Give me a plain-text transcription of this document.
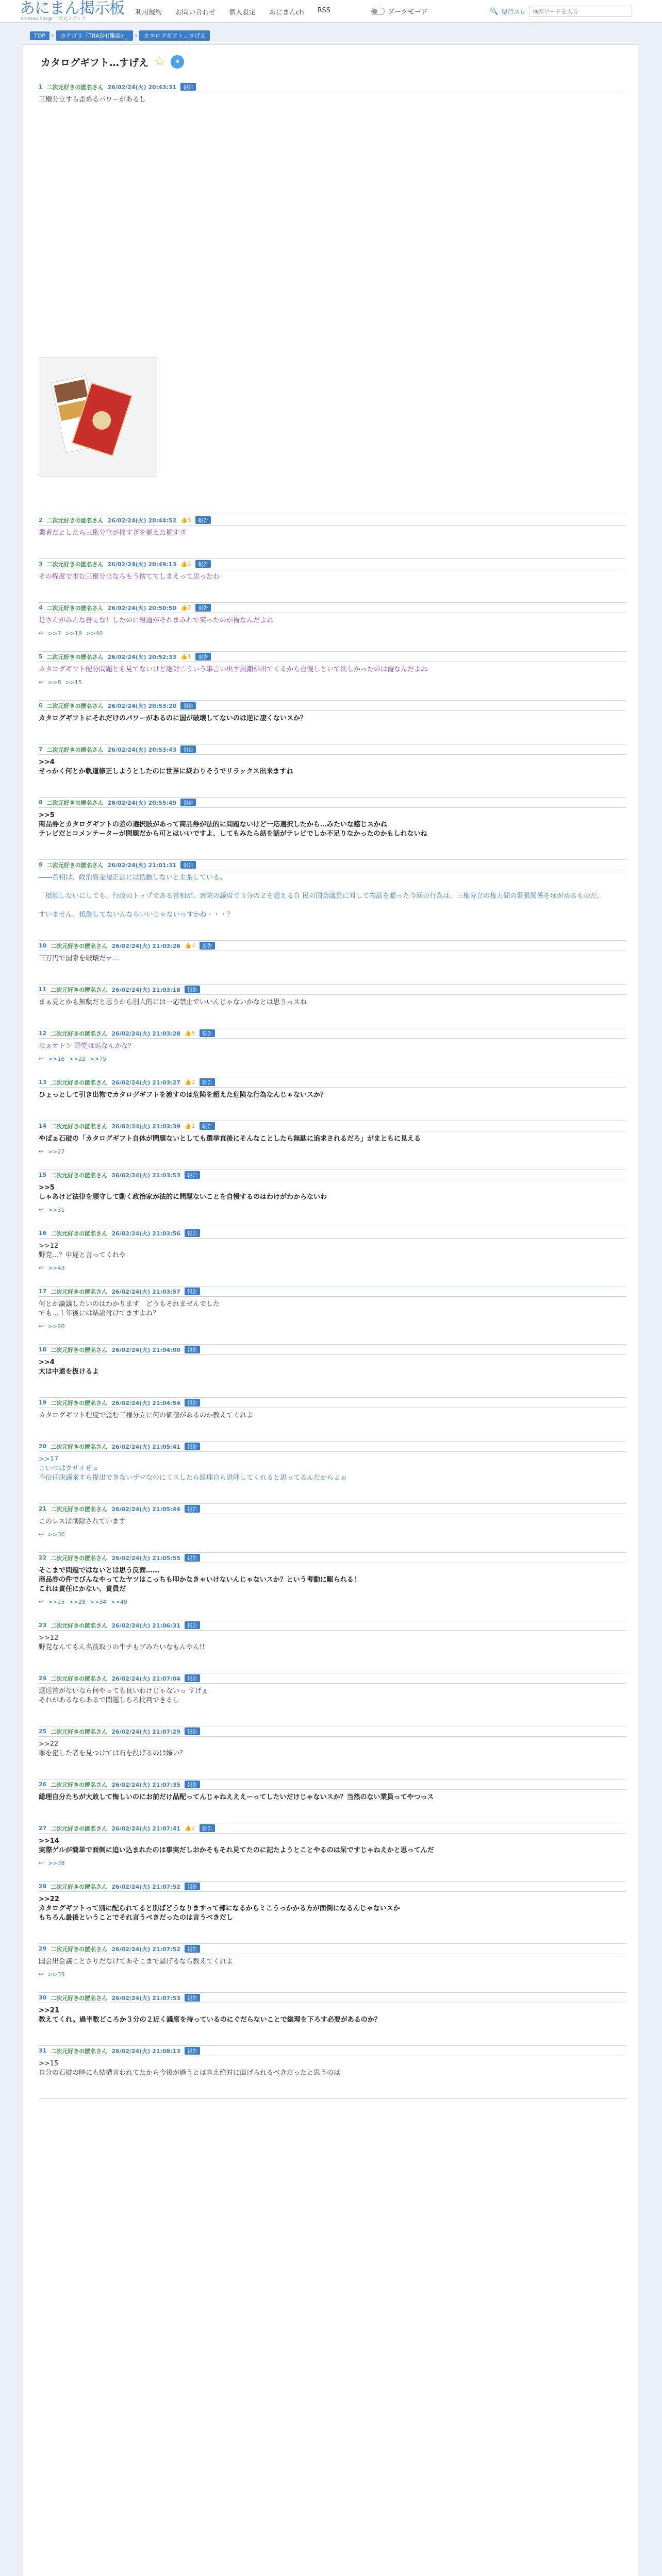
あにまん掲示板
animan bbs@ 二次元メディア
利用規約 お問い合わせ 個人設定 あにまんch RSS	ダークモード	🔍 現行スレ
検索ワードを入力
TOP	›	カテゴリ「TRASH(雑談)」	›	カタログギフト…すげえ
カタログギフト…すげえ ☆	✦
1 二次元好きの匿名さん 26/02/24(火) 20:43:31	報告
三権分立すら歪めるパワーがあるし
2 二次元好きの匿名さん 26/02/24(火) 20:44:52 👍5	報告
業者だとしたら三権分立が揺すぎを揃えた揃すぎ
3 二次元好きの匿名さん 26/02/24(火) 20:49:13 👍2	報告
その程度で歪む三権分立ならもう捨ててしまえって思ったわ
4 二次元好きの匿名さん 26/02/24(火) 20:50:50 👍2	報告
是さんがみんな善ぇな！したのに報道がそれまみれで笑ったのが俺なんだよね
↩ >>7 >>18 >>40
5 二次元好きの匿名さん 26/02/24(火) 20:52:33 👍1	報告
カタログギフト配分問題とも見てないけど絶対こういう事言い出す風潮が出てくるから自慢しといて欲しかったのは俺なんだよね
↩ >>8 >>15
6 二次元好きの匿名さん 26/02/24(火) 20:53:20	報告
カタログギフトにそれだけのパワーがあるのに国が破壊してないのは逆に凄くないスか？
7 二次元好きの匿名さん 26/02/24(火) 20:53:43	報告
>>4
せっかく何とか軌道修正しようとしたのに世界に終わりそうでリラックス出来ますね
8 二次元好きの匿名さん 26/02/24(火) 20:55:49	報告
>>5
商品券とカタログギフトの差の選択肢があって商品券が法的に問題ないけど一応選択したから…みたいな感じスかね
テレビだとコメンテーターが問題だから可とはいいですよ、してもみたら話を話がテレビでしか不足りなかったのかもしれないね
9 二次元好きの匿名さん 26/02/24(火) 21:01:31	報告
――首相は、政治資金規正法には抵触しないと主張している。

「抵触しないにしても、行政のトップである首相が、衆院の議席で３分の２を超える自 民の国会議員に対して物品を贈った今回の行為は、三権分立の権力間の緊張関係をゆがめるものだ。

すいません、抵触してないんならいいじゃないっすかね・・・？
10 二次元好きの匿名さん 26/02/24(火) 21:03:26 👍4	報告
三万円で国家を破壊だァ…
11 二次元好きの匿名さん 26/02/24(火) 21:03:18	報告
まぁ見とかも無駄だと思うから別人的には一応禁止でいいんじゃないかなとは思うっスね
12 二次元好きの匿名さん 26/02/24(火) 21:03:28 👍5	報告
なぁオトン 野党は馬なんかな？
↩ >>16 >>22 >>75
13 二次元好きの匿名さん 26/02/24(火) 21:03:27 👍2	報告
ひょっとして引き出物でカタログギフトを渡すのは危険を超えた危険な行為なんじゃないスか？
14 二次元好きの匿名さん 26/02/24(火) 21:03:39 👍1	報告
やばぁ石破の「カタログギフト自体が問題ないとしても選挙直後にそんなことしたら無駄に追求されるだろ」がまともに見える
↩ >>27
15 二次元好きの匿名さん 26/02/24(火) 21:03:53	報告
>>5
しゃあけど法律を順守して動く政治家が法的に問題ないことを自慢するのはわけがわからないわ
↩ >>31
16 二次元好きの匿名さん 26/02/24(火) 21:03:56	報告
>>12
野党…？申遅と言ってくれや
↩ >>43
17 二次元好きの匿名さん 26/02/24(火) 21:03:57	報告
何とか論議したいのはわかります　どうもそれまゼんでした
でも…１年後には結論付けてますよね？
↩ >>20
18 二次元好きの匿名さん 26/02/24(火) 21:04:00	報告
>>4
大は中道を扱けるよ
19 二次元好きの匿名さん 26/02/24(火) 21:04:54	報告
カタログギフト程度で歪む三権分立に何の価値があるのか教えてくれよ
20 二次元好きの匿名さん 26/02/24(火) 21:05:41	報告
>>17
こいつはクサイぜェ
不信任決議案すら提出できないザマなのにミスしたら総理自ら退陣してくれると思ってるんだからよぉ
21 二次元好きの匿名さん 26/02/24(火) 21:05:44	報告
このレスは削除されています
↩ >>30
22 二次元好きの匿名さん 26/02/24(火) 21:05:55	報告
そこまで問題ではないとは思う反面……
商品券の件でびんなやってたヤツはこっちも叩かなきゃいけないんじゃないスか？という考動に駆られる！
これは責任にかない、責員だ
↩ >>25 >>28 >>34 >>40
23 二次元好きの匿名さん 26/02/24(火) 21:06:31	報告
>>12
野党なんてもん名前取りの牛チもブみたいなもんやん!!
24 二次元好きの匿名さん 26/02/24(火) 21:07:04	報告
選送首がないなら何やっても良いわけじゃないっ すげぇ
それがあるならあるで問題しちろ批判できるし
25 二次元好きの匿名さん 26/02/24(火) 21:07:29	報告
>>22
罪を犯した者を見つけては石を投げるのは嫌い？
26 二次元好きの匿名さん 26/02/24(火) 21:07:35	報告
総理自分たちが大敗して悔しいのにお前だけ品配ってんじゃねえええーってしたいだけじゃないスか？当然のない業員ってやつっス
27 二次元好きの匿名さん 26/02/24(火) 21:07:41 👍2	報告
>>14
実際ゲルが簡単で面倒に追い込まれたのは事実だしおかそもそれ見てたのに記たようとことやるのは呆ですじゃねえかと思ってんだ
↩ >>38
28 二次元好きの匿名さん 26/02/24(火) 21:07:52	報告
>>22
カタログギフトって別に配られてると別ばどうなりますって部になるからミこうっかかる方が面倒になるんじゃないスか
もちろん最後ということでそれ言うべきだったのは言うべきだし
29 二次元好きの匿名さん 26/02/24(火) 21:07:52	報告
国会出会議ことさりだなけてあそこまで騒げるなら教えてくれよ
↩ >>35
30 二次元好きの匿名さん 26/02/24(火) 21:07:53	報告
>>21
教えてくれ。過半数どころか３分の２近く議席を持っているのにぐだらないことで総理を下ろす必要があるのか？
31 二次元好きの匿名さん 26/02/24(火) 21:08:13	報告
>>15
自分の石破の時にも結構言われてたから今後が過うとは言え絶対に面げられるべきだったと思うのは
